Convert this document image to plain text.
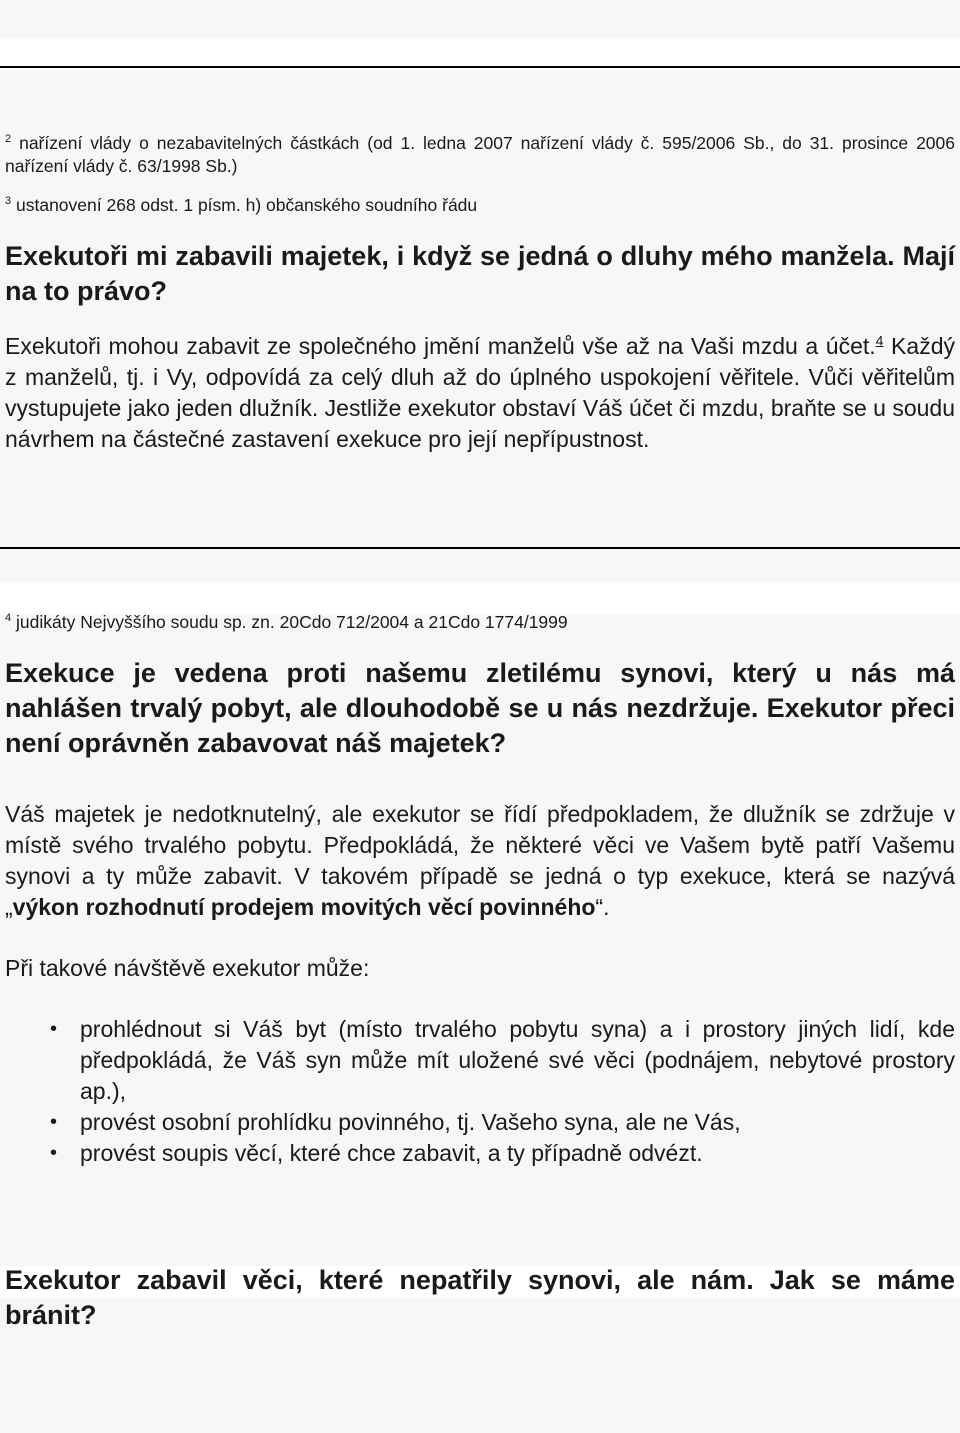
$^2$ nařízení vlády o nezabavitelných částkách (od 1. ledna 2007 nařízení vlády č. 595/2006 Sb., do 31. prosince 2006 nařízení vlády č. 63/1998 Sb.)

$^3$ ustanovení 268 odst. 1 písm. h) občanského soudního řádu

Exekutoři mi zabavili majetek, i když se jedná o dluhy mého manžela. Mají na to právo?

Exekutoři mohou zabavit ze společného jmění manželů vše až na Vaši mzdu a účet.$^4$ Každý z manželů, tj. i Vy, odpovídá za celý dluh až do úplného uspokojení věřitele. Vůči věřitelům vystupujete jako jeden dlužník. Jestliže exekutor obstaví Váš účet či mzdu, braňte se u soudu návrhem na částečné zastavení exekuce pro její nepřípustnost.

$^4$ judikáty Nejvyššího soudu sp. zn. 20Cdo 712/2004 a 21Cdo 1774/1999

Exekuce je vedena proti našemu zletilému synovi, který u nás má nahlášen trvalý pobyt, ale dlouhodobě se u nás nezdržuje. Exekutor přeci není oprávněn zabavovat náš majetek?

Váš majetek je nedotknutelný, ale exekutor se řídí předpokladem, že dlužník se zdržuje v místě svého trvalého pobytu. Předpokládá, že některé věci ve Vašem bytě patří Vašemu synovi a ty může zabavit. V takovém případě se jedná o typ exekuce, která se nazývá „výkon rozhodnutí prodejem movitých věcí povinného“.

Při takové návštěvě exekutor může:

• prohlédnout si Váš byt (místo trvalého pobytu syna) a i prostory jiných lidí, kde předpokládá, že Váš syn může mít uložené své věci (podnájem, nebytové prostory ap.),
• provést osobní prohlídku povinného, tj. Vašeho syna, ale ne Vás,
• provést soupis věcí, které chce zabavit, a ty případně odvézt.
Exekutor zabavil věci, které nepatřily synovi, ale nám. Jak se máme bránit?
